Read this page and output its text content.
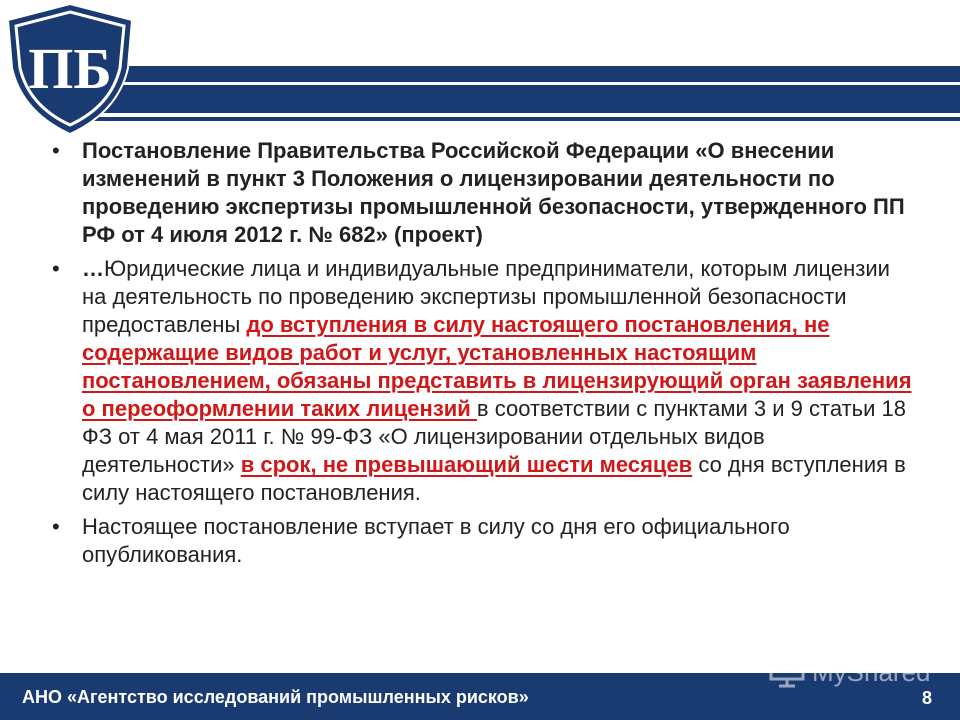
ПБ
• Постановление Правительства Российской Федерации «О внесении изменений в пункт 3 Положения о лицензировании деятельности по проведению экспертизы промышленной безопасности, утвержденного ПП РФ от 4 июля 2012 г. № 682» (проект)
• …Юридические лица и индивидуальные предприниматели, которым лицензии на деятельность по проведению экспертизы промышленной безопасности предоставлены до вступления в силу настоящего постановления, не содержащие видов работ и услуг, установленных настоящим постановлением, обязаны представить в лицензирующий орган заявления о переоформлении таких лицензий в соответствии с пунктами 3 и 9 статьи 18 ФЗ от 4 мая 2011 г. № 99-ФЗ «О лицензировании отдельных видов деятельности» в срок, не превышающий шести месяцев со дня вступления в силу настоящего постановления.
• Настоящее постановление вступает в силу со дня его официального опубликования.
АНО «Агентство исследований промышленных рисков»	8
MyShared
